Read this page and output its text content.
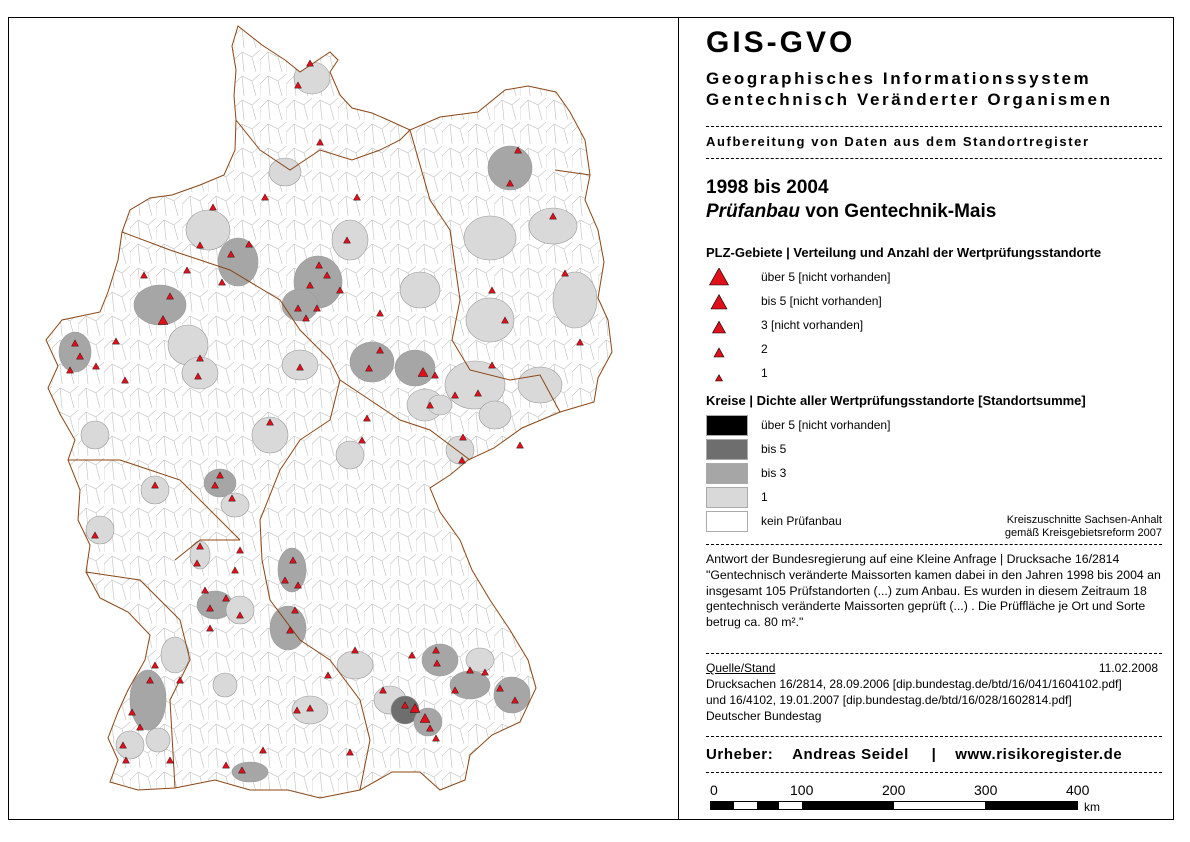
GIS-GVO
Geographisches Informationssystem
Gentechnisch Veränderter Organismen
Aufbereitung von Daten aus dem Standortregister
1998 bis 2004
Prüfanbau von Gentechnik-Mais
PLZ-Gebiete | Verteilung und Anzahl der Wertprüfungsstandorte
über 5 [nicht vorhanden]
bis 5 [nicht vorhanden]
3 [nicht vorhanden]
2
1
Kreise | Dichte aller Wertprüfungsstandorte [Standortsumme]
über 5 [nicht vorhanden]
bis 5
bis 3
1
kein Prüfanbau	Kreiszuschnitte Sachsen-Anhalt
gemäß Kreisgebietsreform 2007
Antwort der Bundesregierung auf eine Kleine Anfrage | Drucksache 16/2814
"Gentechnisch veränderte Maissorten kamen dabei in den Jahren 1998 bis 2004 an insgesamt 105 Prüfstandorten (...) zum Anbau. Es wurden in diesem Zeitraum 18 gentechnisch veränderte Maissorten geprüft (...) . Die Prüffläche je Ort und Sorte betrug ca. 80 m²."
Quelle/Stand	11.02.2008
Drucksachen 16/2814, 28.09.2006 [dip.bundestag.de/btd/16/041/1604102.pdf]
und 16/4102, 19.01.2007 [dip.bundestag.de/btd/16/028/1602814.pdf]
Deutscher Bundestag
Urheber: Andreas Seidel | www.risikoregister.de
0	100	200	300	400
km
